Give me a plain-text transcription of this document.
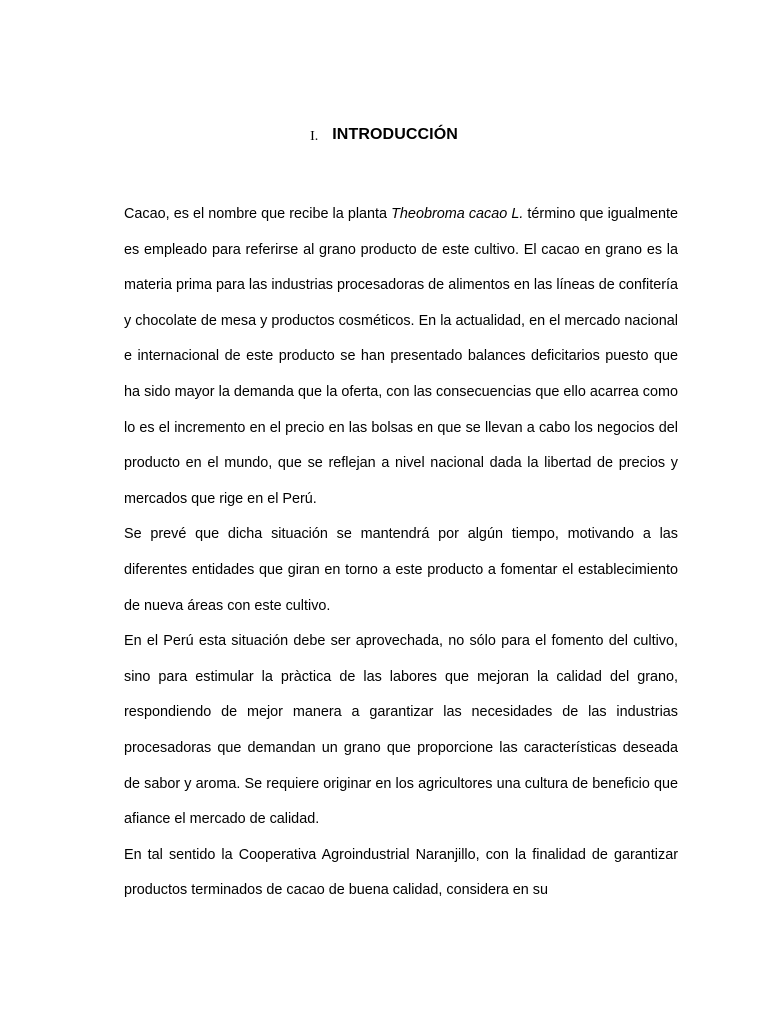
I. INTRODUCCIÓN

Cacao, es el nombre que recibe la planta Theobroma cacao L. término que igualmente es empleado para referirse al grano producto de este cultivo. El cacao en grano es la materia prima para las industrias procesadoras de alimentos en las líneas de confitería y chocolate de mesa y productos cosméticos. En la actualidad, en el mercado nacional e internacional de este producto se han presentado balances deficitarios puesto que ha sido mayor la demanda que la oferta, con las consecuencias que ello acarrea como lo es el incremento en el precio en las bolsas en que se llevan a cabo los negocios del producto en el mundo, que se reflejan a nivel nacional dada la libertad de precios y mercados que rige en el Perú.

Se prevé que dicha situación se mantendrá por algún tiempo, motivando a las diferentes entidades que giran en torno a este producto a fomentar el establecimiento de nueva áreas con este cultivo.

En el Perú esta situación debe ser aprovechada, no sólo para el fomento del cultivo, sino para estimular la pràctica de las labores que mejoran la calidad del grano, respondiendo de mejor manera a garantizar las necesidades de las industrias procesadoras que demandan un grano que proporcione las características deseada de sabor y aroma. Se requiere originar en los agricultores una cultura de beneficio que afiance el mercado de calidad.

En tal sentido la Cooperativa Agroindustrial Naranjillo, con la finalidad de garantizar productos terminados de cacao de buena calidad, considera en su
